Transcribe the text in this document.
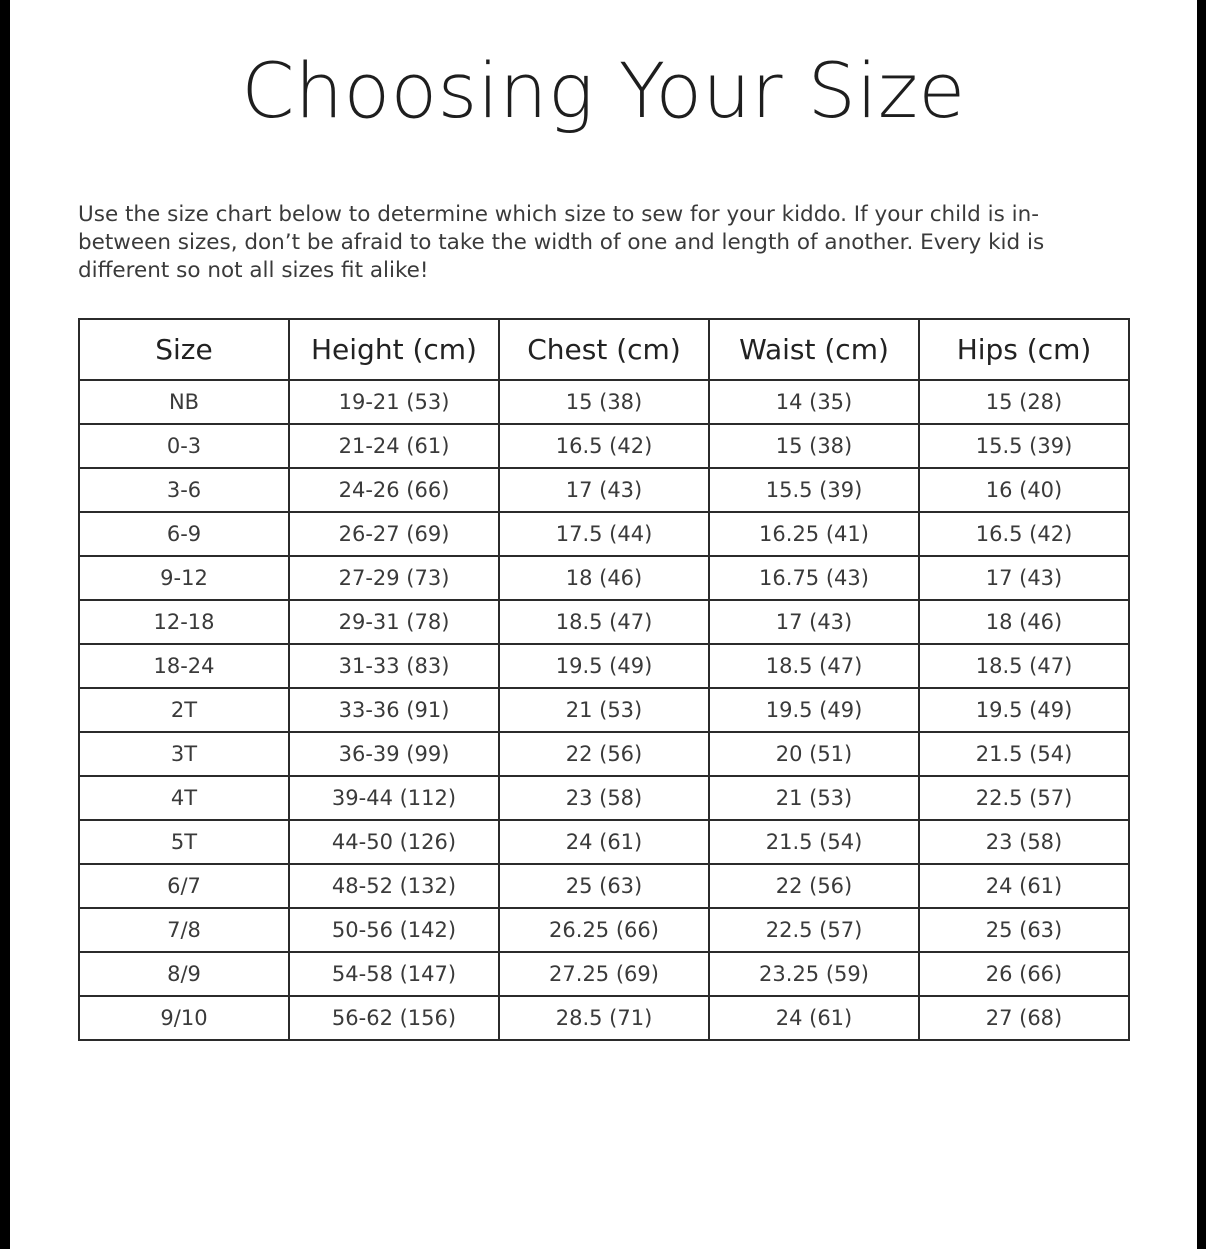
Choosing Your Size

Use the size chart below to determine which size to sew for your kiddo. If your child is in-between sizes, don’t be afraid to take the width of one and length of another. Every kid is different so not all sizes fit alike!

Size	Height (cm)	Chest (cm)	Waist (cm)	Hips (cm)
NB	19-21 (53)	15 (38)	14 (35)	15 (28)
0-3	21-24 (61)	16.5 (42)	15 (38)	15.5 (39)
3-6	24-26 (66)	17 (43)	15.5 (39)	16 (40)
6-9	26-27 (69)	17.5 (44)	16.25 (41)	16.5 (42)
9-12	27-29 (73)	18 (46)	16.75 (43)	17 (43)
12-18	29-31 (78)	18.5 (47)	17 (43)	18 (46)
18-24	31-33 (83)	19.5 (49)	18.5 (47)	18.5 (47)
2T	33-36 (91)	21 (53)	19.5 (49)	19.5 (49)
3T	36-39 (99)	22 (56)	20 (51)	21.5 (54)
4T	39-44 (112)	23 (58)	21 (53)	22.5 (57)
5T	44-50 (126)	24 (61)	21.5 (54)	23 (58)
6/7	48-52 (132)	25 (63)	22 (56)	24 (61)
7/8	50-56 (142)	26.25 (66)	22.5 (57)	25 (63)
8/9	54-58 (147)	27.25 (69)	23.25 (59)	26 (66)
9/10	56-62 (156)	28.5 (71)	24 (61)	27 (68)
